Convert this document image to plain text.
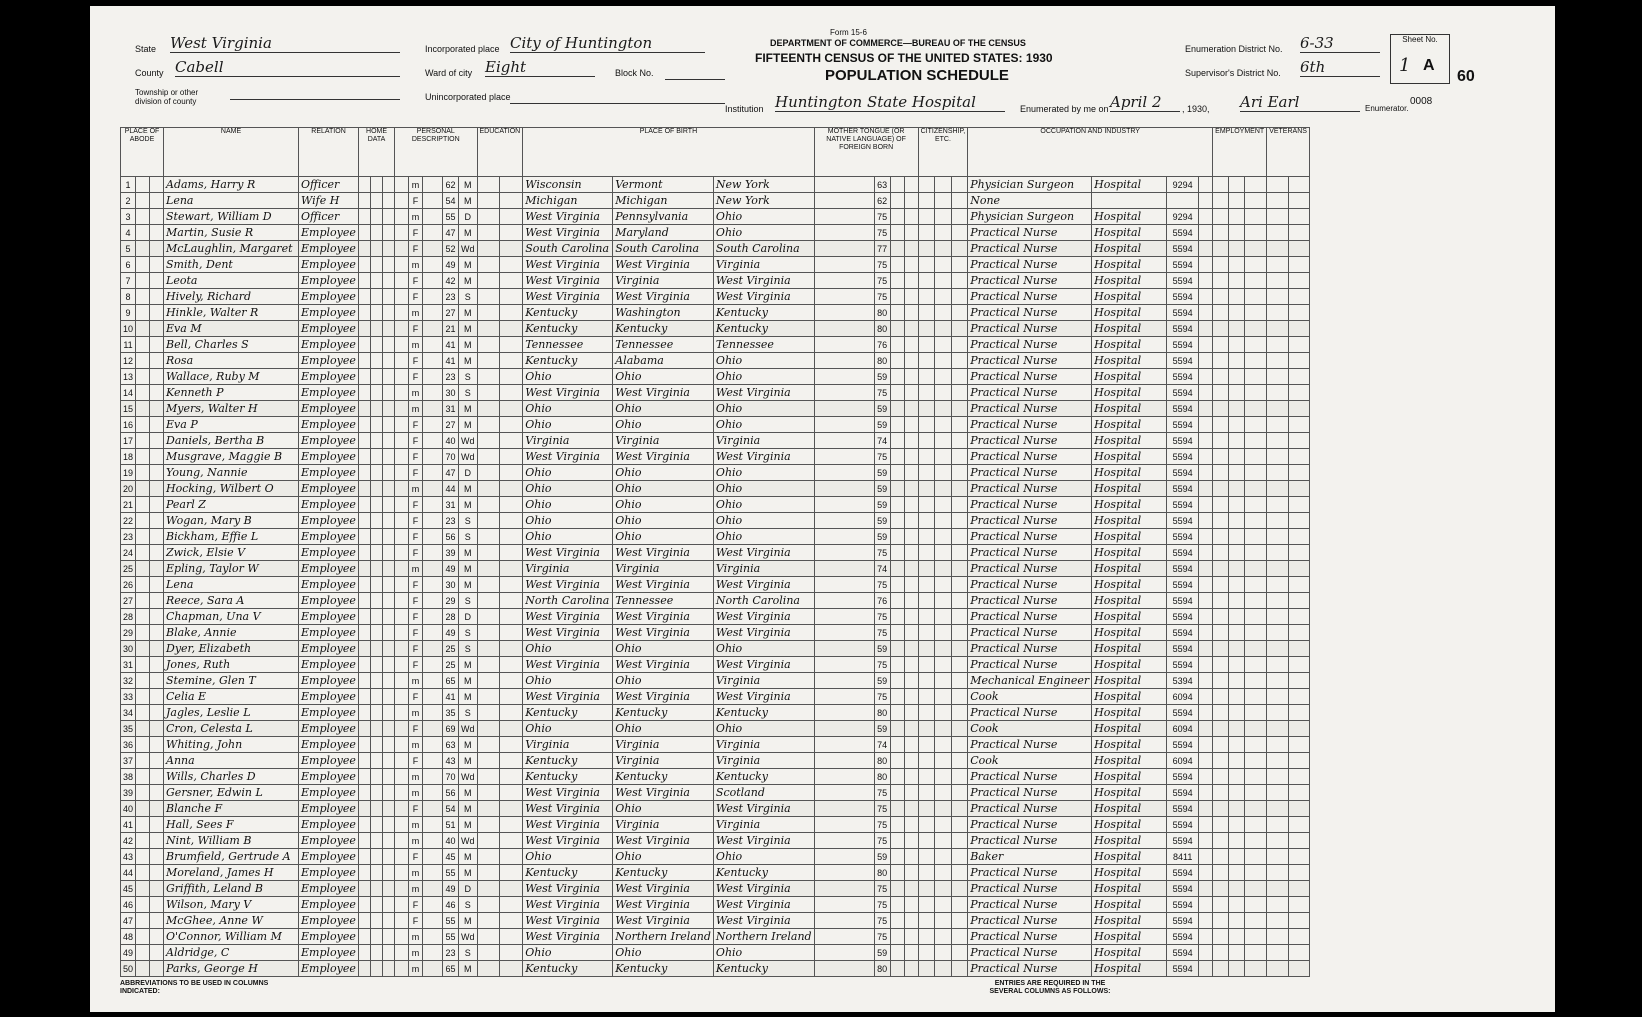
State West Virginia
County Cabell
Township or other division of county
Incorporated place City of Huntington
Ward of city Eight	Block No.
Unincorporated place
Form 15-6
DEPARTMENT OF COMMERCE—BUREAU OF THE CENSUS
FIFTEENTH CENSUS OF THE UNITED STATES: 1930
POPULATION SCHEDULE
Institution Huntington State Hospital
Enumeration District No. 6-33
Supervisor's District No. 6th
Enumerated by me on April 2	, 1930, Ari Earl	Enumerator.
0008
Sheet No.
1 A
60
PLACE OF ABODE			NAME	RELATION	HOME DATA			PERSONAL DESCRIPTION					EDUCATION		PLACE OF BIRTH			MOTHER TONGUE (OR NATIVE LANGUAGE) OF FOREIGN BORN				CITIZENSHIP, ETC.			OCCUPATION AND INDUSTRY				EMPLOYMENT			VETERANS	
1			Adams, Harry R	Officer					m		62	M			Wisconsin	Vermont	New York		63						Physician Surgeon	Hospital	9294						
2			Lena	Wife H					F		54	M			Michigan	Michigan	New York		62						None								
3			Stewart, William D	Officer					m		55	D			West Virginia	Pennsylvania	Ohio		75						Physician Surgeon	Hospital	9294						
4			Martin, Susie R	Employee					F		47	M			West Virginia	Maryland	Ohio		75						Practical Nurse	Hospital	5594						
5			McLaughlin, Margaret	Employee					F		52	Wd			South Carolina	South Carolina	South Carolina		77						Practical Nurse	Hospital	5594						
6			Smith, Dent	Employee					m		49	M			West Virginia	West Virginia	Virginia		75						Practical Nurse	Hospital	5594						
7			Leota	Employee					F		42	M			West Virginia	Virginia	West Virginia		75						Practical Nurse	Hospital	5594						
8			Hively, Richard	Employee					F		23	S			West Virginia	West Virginia	West Virginia		75						Practical Nurse	Hospital	5594						
9			Hinkle, Walter R	Employee					m		27	M			Kentucky	Washington	Kentucky		80						Practical Nurse	Hospital	5594						
10			Eva M	Employee					F		21	M			Kentucky	Kentucky	Kentucky		80						Practical Nurse	Hospital	5594						
11			Bell, Charles S	Employee					m		41	M			Tennessee	Tennessee	Tennessee		76						Practical Nurse	Hospital	5594						
12			Rosa	Employee					F		41	M			Kentucky	Alabama	Ohio		80						Practical Nurse	Hospital	5594						
13			Wallace, Ruby M	Employee					F		23	S			Ohio	Ohio	Ohio		59						Practical Nurse	Hospital	5594						
14			Kenneth P	Employee					m		30	S			West Virginia	West Virginia	West Virginia		75						Practical Nurse	Hospital	5594						
15			Myers, Walter H	Employee					m		31	M			Ohio	Ohio	Ohio		59						Practical Nurse	Hospital	5594						
16			Eva P	Employee					F		27	M			Ohio	Ohio	Ohio		59						Practical Nurse	Hospital	5594						
17			Daniels, Bertha B	Employee					F		40	Wd			Virginia	Virginia	Virginia		74						Practical Nurse	Hospital	5594						
18			Musgrave, Maggie B	Employee					F		70	Wd			West Virginia	West Virginia	West Virginia		75						Practical Nurse	Hospital	5594						
19			Young, Nannie	Employee					F		47	D			Ohio	Ohio	Ohio		59						Practical Nurse	Hospital	5594						
20			Hocking, Wilbert O	Employee					m		44	M			Ohio	Ohio	Ohio		59						Practical Nurse	Hospital	5594						
21			Pearl Z	Employee					F		31	M			Ohio	Ohio	Ohio		59						Practical Nurse	Hospital	5594						
22			Wogan, Mary B	Employee					F		23	S			Ohio	Ohio	Ohio		59						Practical Nurse	Hospital	5594						
23			Bickham, Effie L	Employee					F		56	S			Ohio	Ohio	Ohio		59						Practical Nurse	Hospital	5594						
24			Zwick, Elsie V	Employee					F		39	M			West Virginia	West Virginia	West Virginia		75						Practical Nurse	Hospital	5594						
25			Epling, Taylor W	Employee					m		49	M			Virginia	Virginia	Virginia		74						Practical Nurse	Hospital	5594						
26			Lena	Employee					F		30	M			West Virginia	West Virginia	West Virginia		75						Practical Nurse	Hospital	5594						
27			Reece, Sara A	Employee					F		29	S			North Carolina	Tennessee	North Carolina		76						Practical Nurse	Hospital	5594						
28			Chapman, Una V	Employee					F		28	D			West Virginia	West Virginia	West Virginia		75						Practical Nurse	Hospital	5594						
29			Blake, Annie	Employee					F		49	S			West Virginia	West Virginia	West Virginia		75						Practical Nurse	Hospital	5594						
30			Dyer, Elizabeth	Employee					F		25	S			Ohio	Ohio	Ohio		59						Practical Nurse	Hospital	5594						
31			Jones, Ruth	Employee					F		25	M			West Virginia	West Virginia	West Virginia		75						Practical Nurse	Hospital	5594						
32			Stemine, Glen T	Employee					m		65	M			Ohio	Ohio	Virginia		59						Mechanical Engineer	Hospital	5394						
33			Celia E	Employee					F		41	M			West Virginia	West Virginia	West Virginia		75						Cook	Hospital	6094						
34			Jagles, Leslie L	Employee					m		35	S			Kentucky	Kentucky	Kentucky		80						Practical Nurse	Hospital	5594						
35			Cron, Celesta L	Employee					F		69	Wd			Ohio	Ohio	Ohio		59						Cook	Hospital	6094						
36			Whiting, John	Employee					m		63	M			Virginia	Virginia	Virginia		74						Practical Nurse	Hospital	5594						
37			Anna	Employee					F		43	M			Kentucky	Virginia	Virginia		80						Cook	Hospital	6094						
38			Wills, Charles D	Employee					m		70	Wd			Kentucky	Kentucky	Kentucky		80						Practical Nurse	Hospital	5594						
39			Gersner, Edwin L	Employee					m		56	M			West Virginia	West Virginia	Scotland		75						Practical Nurse	Hospital	5594						
40			Blanche F	Employee					F		54	M			West Virginia	Ohio	West Virginia		75						Practical Nurse	Hospital	5594						
41			Hall, Sees F	Employee					m		51	M			West Virginia	Virginia	Virginia		75						Practical Nurse	Hospital	5594						
42			Nint, William B	Employee					m		40	Wd			West Virginia	West Virginia	West Virginia		75						Practical Nurse	Hospital	5594						
43			Brumfield, Gertrude A	Employee					F		45	M			Ohio	Ohio	Ohio		59						Baker	Hospital	8411						
44			Moreland, James H	Employee					m		55	M			Kentucky	Kentucky	Kentucky		80						Practical Nurse	Hospital	5594						
45			Griffith, Leland B	Employee					m		49	D			West Virginia	West Virginia	West Virginia		75						Practical Nurse	Hospital	5594						
46			Wilson, Mary V	Employee					F		46	S			West Virginia	West Virginia	West Virginia		75						Practical Nurse	Hospital	5594						
47			McGhee, Anne W	Employee					F		55	M			West Virginia	West Virginia	West Virginia		75						Practical Nurse	Hospital	5594						
48			O'Connor, William M	Employee					m		55	Wd			West Virginia	Northern Ireland	Northern Ireland		75						Practical Nurse	Hospital	5594						
49			Aldridge, C	Employee					m		23	S			Ohio	Ohio	Ohio		59						Practical Nurse	Hospital	5594						
50			Parks, George H	Employee					m		65	M			Kentucky	Kentucky	Kentucky		80						Practical Nurse	Hospital	5594						
ABBREVIATIONS TO BE USED IN COLUMNS INDICATED:
ENTRIES ARE REQUIRED IN THE SEVERAL COLUMNS AS FOLLOWS:
